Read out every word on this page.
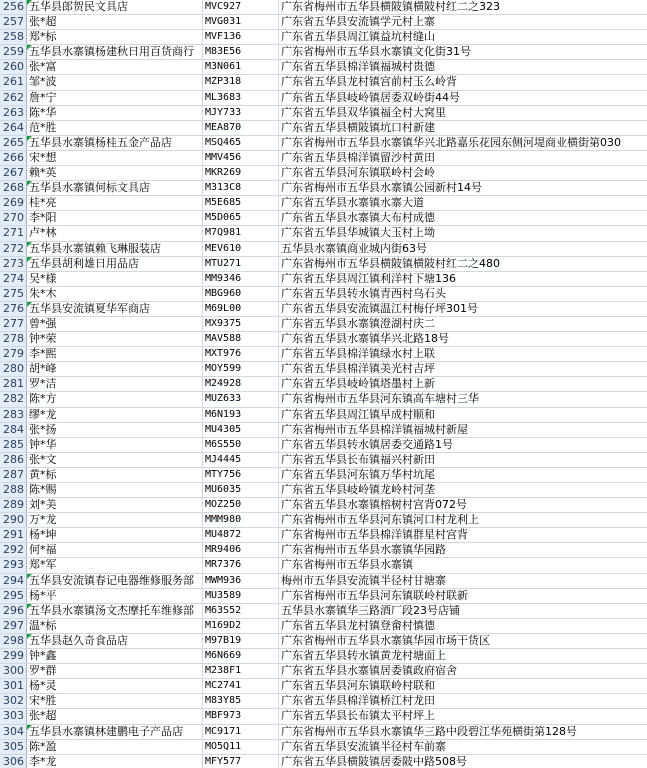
256 五华县郎贺民文具店	MVC927	广东省梅州市五华县横陂镇横陂村红二之323
257 张*超	MVG031	广东省五华县安流镇学元村上寨
258 郑*标	MVF136	广东省五华县周江镇益坑村缝山
259 五华县水寨镇杨建秋日用百货商行	M83E56	广东省梅州市五华县水寨镇文化街31号
260 张*富	M3N061	广东省五华县棉洋镇福城村贵德
261 邹*波	MZP318	广东省五华县龙村镇宫前村玉么岭背
262 詹*宁	ML3683	广东省五华县岐岭镇居委双岭街44号
263 陈*华	MJY733	广东省五华县双华镇福全村大窝里
264 范*胜	MEA870	广东省五华县横陂镇坑口村新建
265 五华县水寨镇杨桂五金产品店	MSQ465	广东省梅州市五华县水寨镇华兴北路嘉乐花园东侧河堤商业横街第030
266 宋*想	MMV456	广东省五华县棉洋镇留沙村黄田
267 赖*英	MKR269	广东省五华县河东镇联岭村会岭
268 五华县水寨镇何标文具店	M313C8	广东省梅州市五华县水寨镇公园新村14号
269 桂*亮	M5E685	广东省五华县水寨镇水寨大道
270 李*阳	M5D065	广东省五华县水寨镇大布村成德
271 卢*林	M7Q981	广东省五华县华城镇大玉村上坳
272 五华县水寨镇赖飞琳服装店	MEV610	五华县水寨镇商业城内街63号
273 五华县胡利雄日用品店	MTU271	广东省梅州市五华县横陂镇横陂村红二之480
274 吴*様	MM9346	广东省五华县周江镇利洋村下塘136
275 朱*木	MBG960	广东省五华县转水镇青西村乌石头
276 五华县安流镇夏华军商店	M69L00	广东省五华县安流镇温江村梅仔坪301号
277 曾*强	MX9375	广东省五华县水寨镇澄湖村庆二
278 钟*荣	MAV588	广东省五华县水寨镇华兴北路18号
279 李*熙	MXT976	广东省五华县棉洋镇绿水村上联
280 胡*峰	MOY599	广东省五华县棉洋镇美光村吉坪
281 罗*洁	M24928	广东省五华县岐岭镇塔墨村上新
282 陈*方	MUZ633	广东省梅州市五华县河东镇高车塘村三华
283 缪*龙	M6N193	广东省五华县周江镇早成村顺和
284 张*扬	MU4305	广东省梅州市五华县棉洋镇福城村新屋
285 钟*华	M6S550	广东省五华县转水镇居委交通路1号
286 张*文	MJ4445	广东省五华县长布镇福兴村新田
287 黄*标	MTY756	广东省五华县河东镇万华村坑尾
288 陈*赐	MU6035	广东省五华县岐岭镇龙岭村河垄
289 刘*美	MOZ250	广东省五华县水寨镇榕树村宫背072号
290 万*龙	MMM980	广东省梅州市五华县河东镇河口村龙利上
291 杨*坤	MU4872	广东省梅州市五华县棉洋镇群星村宫背
292 何*福	MR9406	广东省梅州市五华县水寨镇华园路
293 郑*军	MR7376	广东省梅州市五华县水寨镇
294 五华县安流镇春记电器维修服务部	MWM936	梅州市五华县安流镇半径村甘塘寨
295 杨*平	MU3589	广东省梅州市五华县河东镇联岭村联新
296 五华县水寨镇汤文杰摩托车维修部	M63S52	五华县水寨镇华三路酒厂段23号店铺
297 温*标	M169D2	广东省五华县龙村镇登畲村慎德
298 五华县赵久奇食品店	M97B19	广东省梅州市五华县水寨镇华园市场干货区
299 钟*鑫	M6N669	广东省五华县转水镇黄龙村塘面上
300 罗*群	M238F1	广东省五华县水寨镇居委镇政府宿舍
301 杨*灵	MC2741	广东省五华县河东镇联岭村联和
302 宋*胜	M83Y85	广东省五华县棉洋镇桥江村龙田
303 张*超	MBF973	广东省五华县长布镇太平村坪上
304 五华县水寨镇林建鹏电子产品店	MC9171	广东省梅州市五华县水寨镇华三路中段碧江华苑横街第128号
305 陈*盈	MO5Q11	广东省五华县安流镇半径村车前寨
306 李*龙	MFY577	广东省五华县横陂镇居委陂中路508号
